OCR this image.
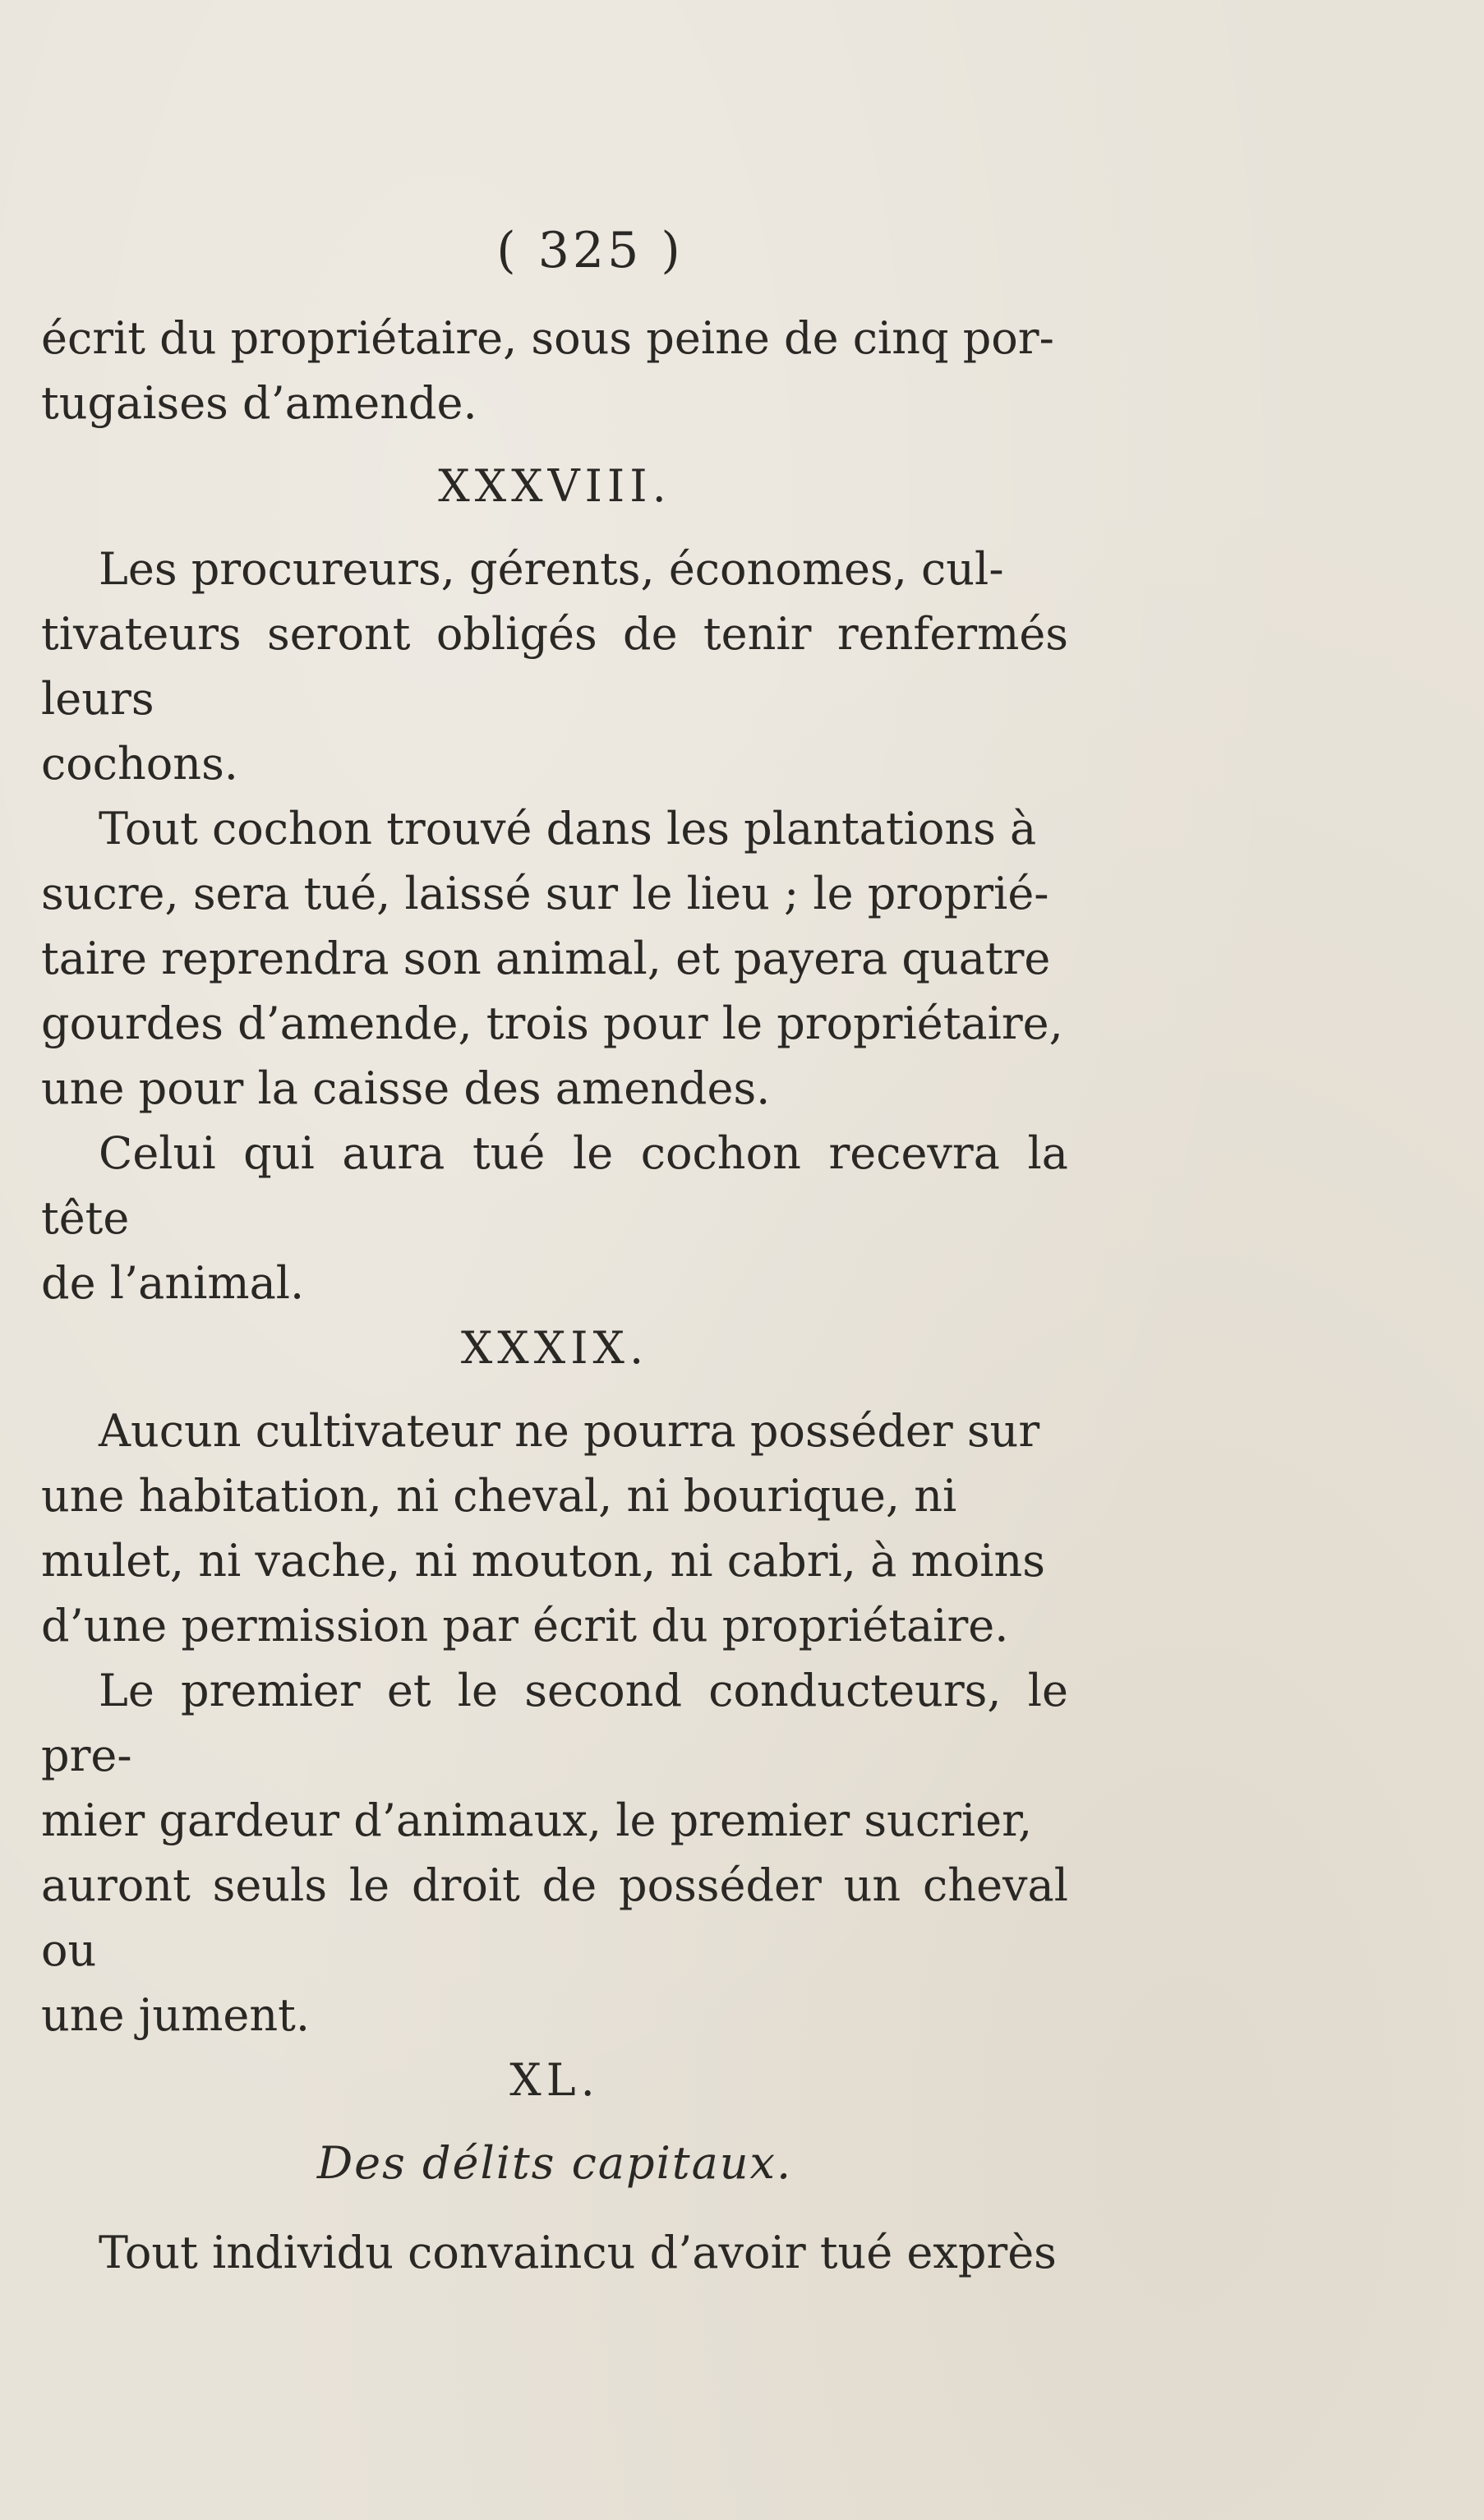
( 325 )
écrit du propriétaire, sous peine de cinq por-
tugaises d’amende.
XXXVIII.
Les procureurs, gérents, économes, cul-
tivateurs seront obligés de tenir renfermés leurs
cochons.
Tout cochon trouvé dans les plantations à
sucre, sera tué, laissé sur le lieu ; le proprié-
taire reprendra son animal, et payera quatre
gourdes d’amende, trois pour le propriétaire,
une pour la caisse des amendes.
Celui qui aura tué le cochon recevra la tête
de l’animal.
XXXIX.
Aucun cultivateur ne pourra posséder sur
une habitation, ni cheval, ni bourique, ni
mulet, ni vache, ni mouton, ni cabri, à moins
d’une permission par écrit du propriétaire.
Le premier et le second conducteurs, le pre-
mier gardeur d’animaux, le premier sucrier,
auront seuls le droit de posséder un cheval ou
une jument.
XL.
Des délits capitaux.
Tout individu convaincu d’avoir tué exprès
